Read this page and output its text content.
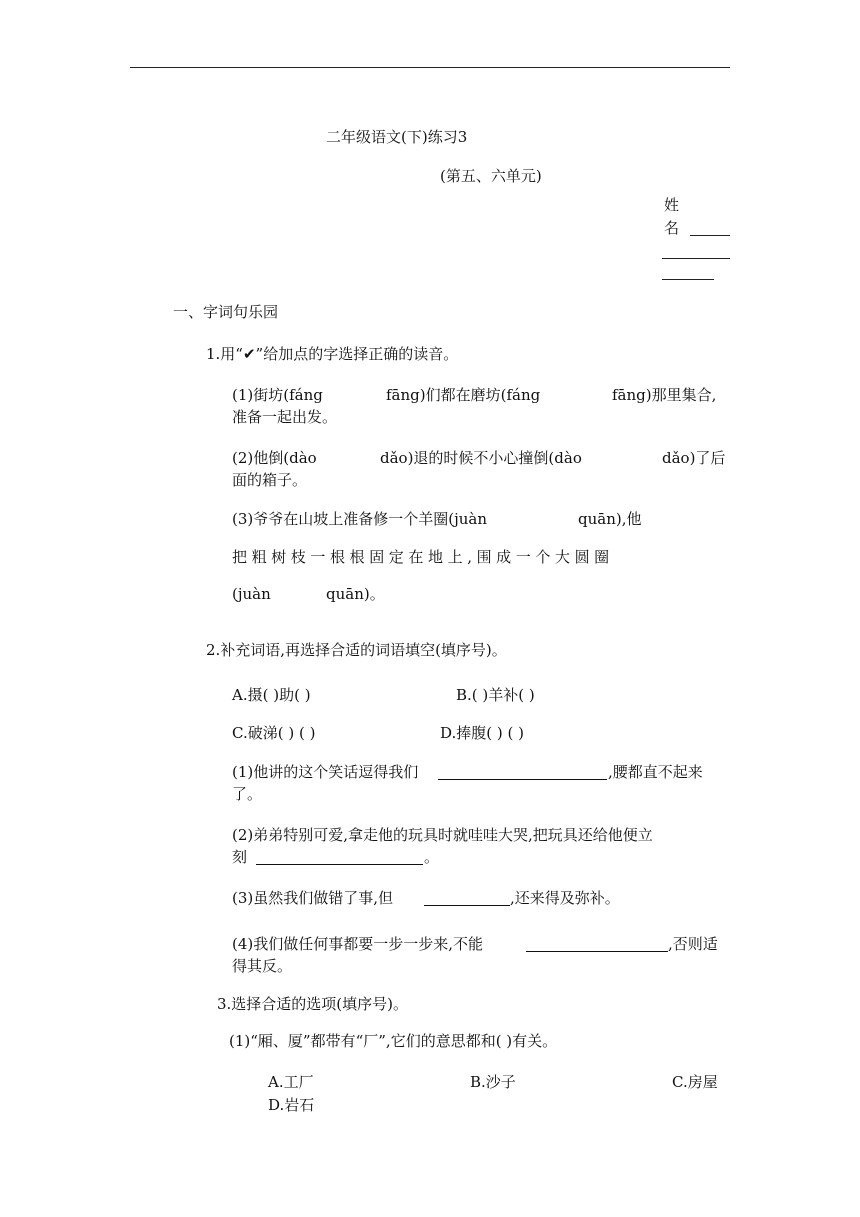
二年级语文(下)练习3
(第五、六单元)
姓
名
一、字词句乐园
1.用“✔”给加点的字选择正确的读音。
(1)街坊(fáng	fāng)们都在磨坊(fáng	fāng)那里集合,
准备一起出发。
(2)他倒(dào	dǎo)退的时候不小心撞倒(dào	dǎo)了后
面的箱子。
(3)爷爷在山坡上准备修一个羊圈(juàn	quān),他
把粗树枝一根根固定在地上,围成一个大圆圈
(juàn	quān)。
2.补充词语,再选择合适的词语填空(填序号)。
A.摄( )助( )	B.( )羊补( )
C.破涕( ) ( )	D.捧腹( ) ( )
(1)他讲的这个笑话逗得我们	,腰都直不起来
了。
(2)弟弟特别可爱,拿走他的玩具时就哇哇大哭,把玩具还给他便立
刻	。
(3)虽然我们做错了事,但	,还来得及弥补。
(4)我们做任何事都要一步一步来,不能	,否则适
得其反。
3.选择合适的选项(填序号)。
(1)“厢、厦”都带有“厂”,它们的意思都和( )有关。
A.工厂	B.沙子	C.房屋
D.岩石
